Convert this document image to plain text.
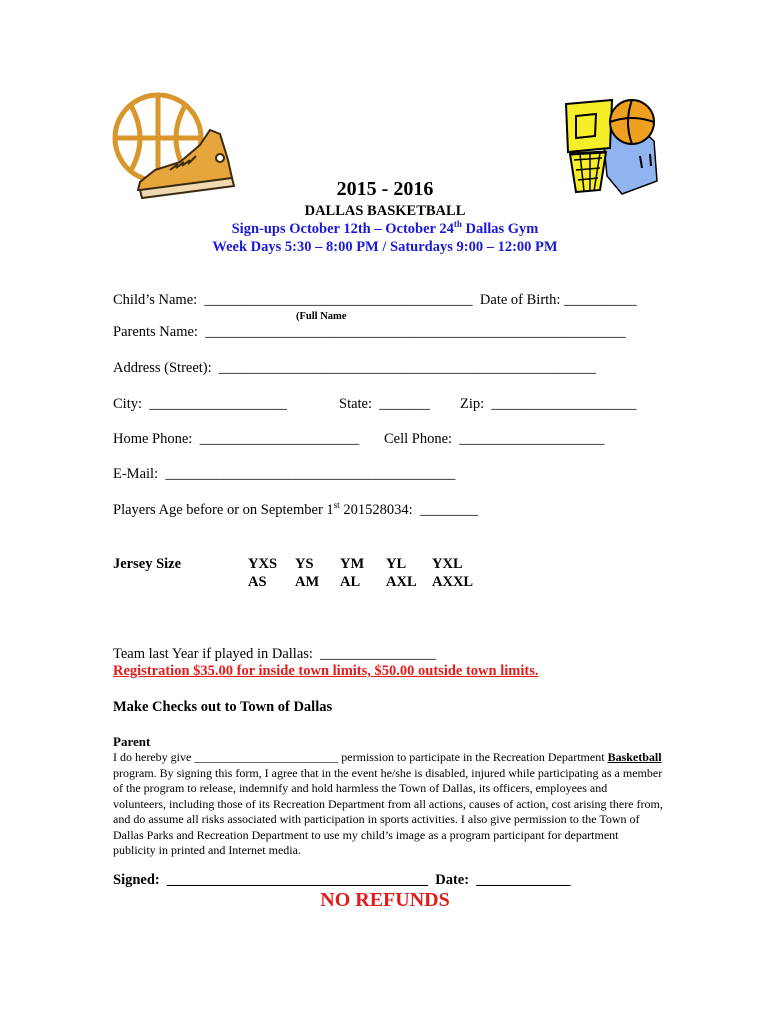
2015 - 2016
DALLAS BASKETBALL
Sign-ups October 12th – October 24th Dallas Gym
Week Days 5:30 – 8:00 PM / Saturdays 9:00 – 12:00 PM
Child’s Name:  _____________________________________  Date of Birth: __________
(Full Name
Parents Name:  __________________________________________________________
Address (Street):  ____________________________________________________
City:  ___________________	State:  _______ Zip:  ____________________
Home Phone:  ______________________ Cell Phone:  ____________________
E-Mail:  ________________________________________
Players Age before or on September 1st 201528034:  ________
Jersey Size	YXS YS YM YL YXL
AS AM AL AXL AXXL
Team last Year if played in Dallas:  ________________
Registration $35.00 for inside town limits, $50.00 outside town limits.
Make Checks out to Town of Dallas
Parent
I do hereby give ________________________ permission to participate in the Recreation Department Basketball program. By signing this form, I agree that in the event he/she is disabled, injured while participating as a member of the program to release, indemnify and hold harmless the Town of Dallas, its officers, employees and volunteers, including those of its Recreation Department from all actions, causes of action, cost arising there from, and do assume all risks associated with participation in sports activities. I also give permission to the Town of Dallas Parks and Recreation Department to use my child’s image as a program participant for department publicity in printed and Internet media.
Signed:  ____________________________________  Date:  _____________
NO REFUNDS
